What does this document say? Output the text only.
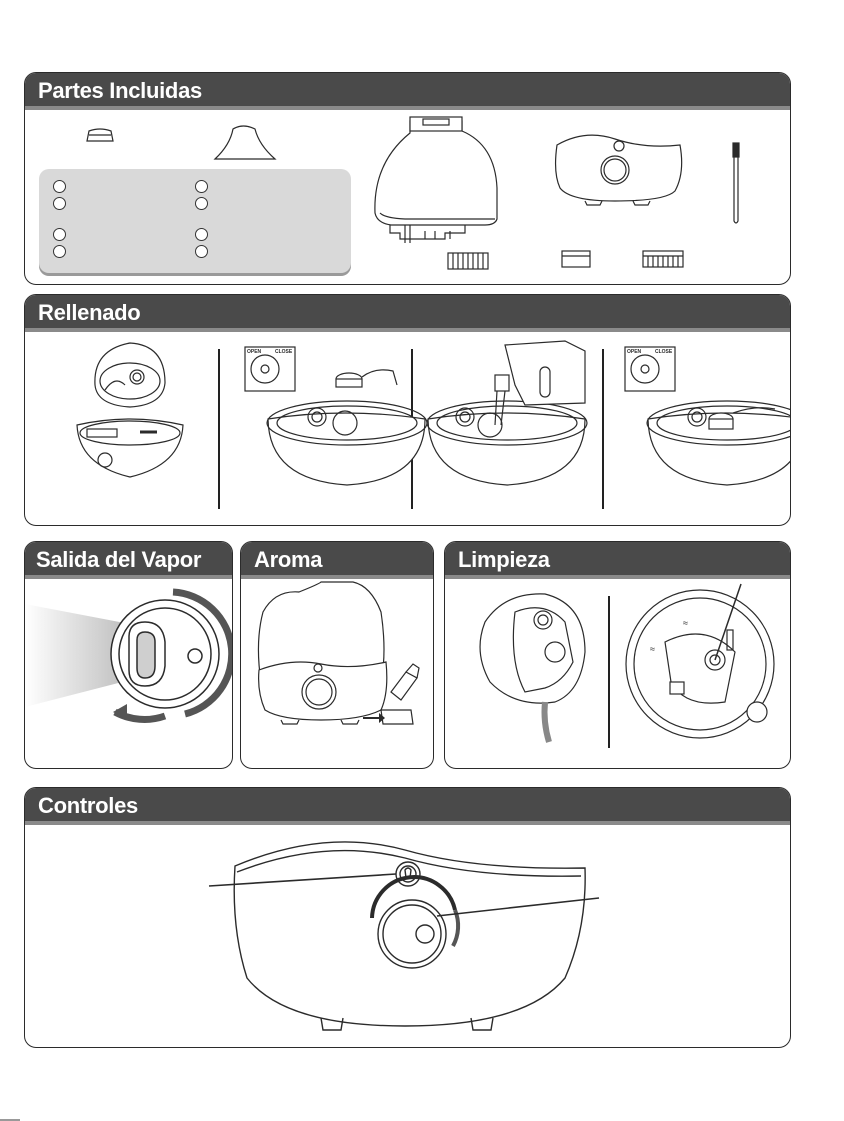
Partes Incluidas
Rellenado
OPEN	CLOSE	OPEN	CLOSE
Salida del Vapor Aroma	Limpieza
≈
≈
Controles
